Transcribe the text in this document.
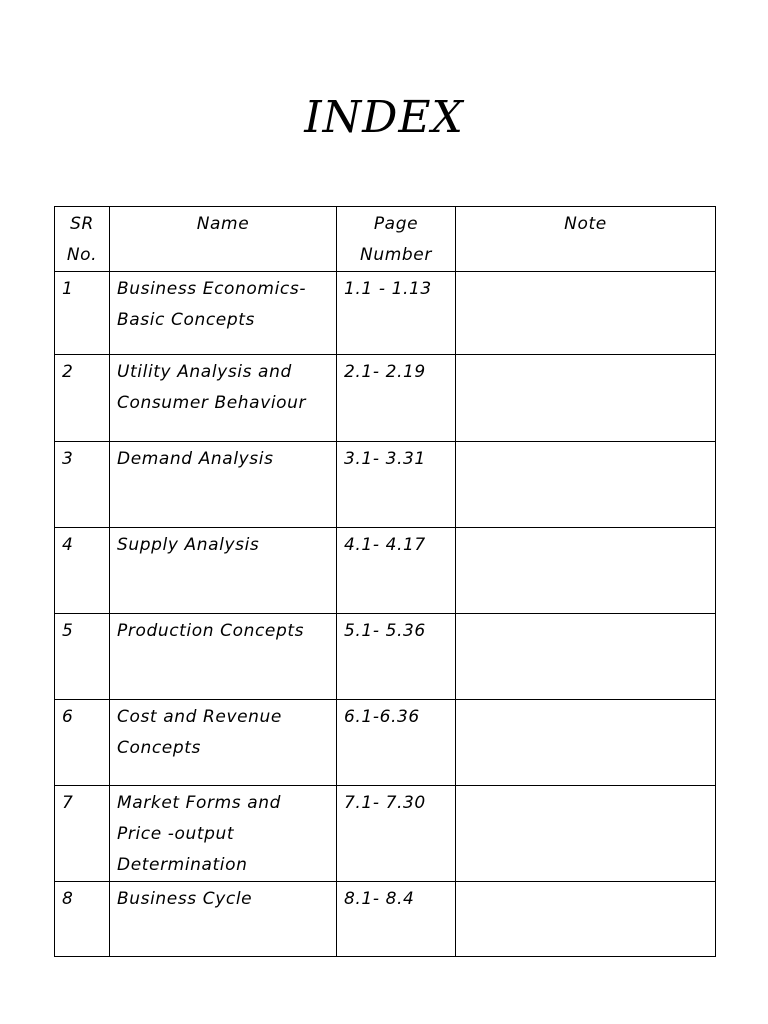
INDEX
SR No.	Name	Page Number	Note
1	Business Economics- Basic Concepts	1.1 - 1.13	
2	Utility Analysis and Consumer Behaviour	2.1- 2.19	
3	Demand Analysis	3.1- 3.31	
4	Supply Analysis	4.1- 4.17	
5	Production Concepts	5.1- 5.36	
6	Cost and Revenue Concepts	6.1-6.36	
7	Market Forms and Price -output Determination	7.1- 7.30	
8	Business Cycle	8.1- 8.4	
